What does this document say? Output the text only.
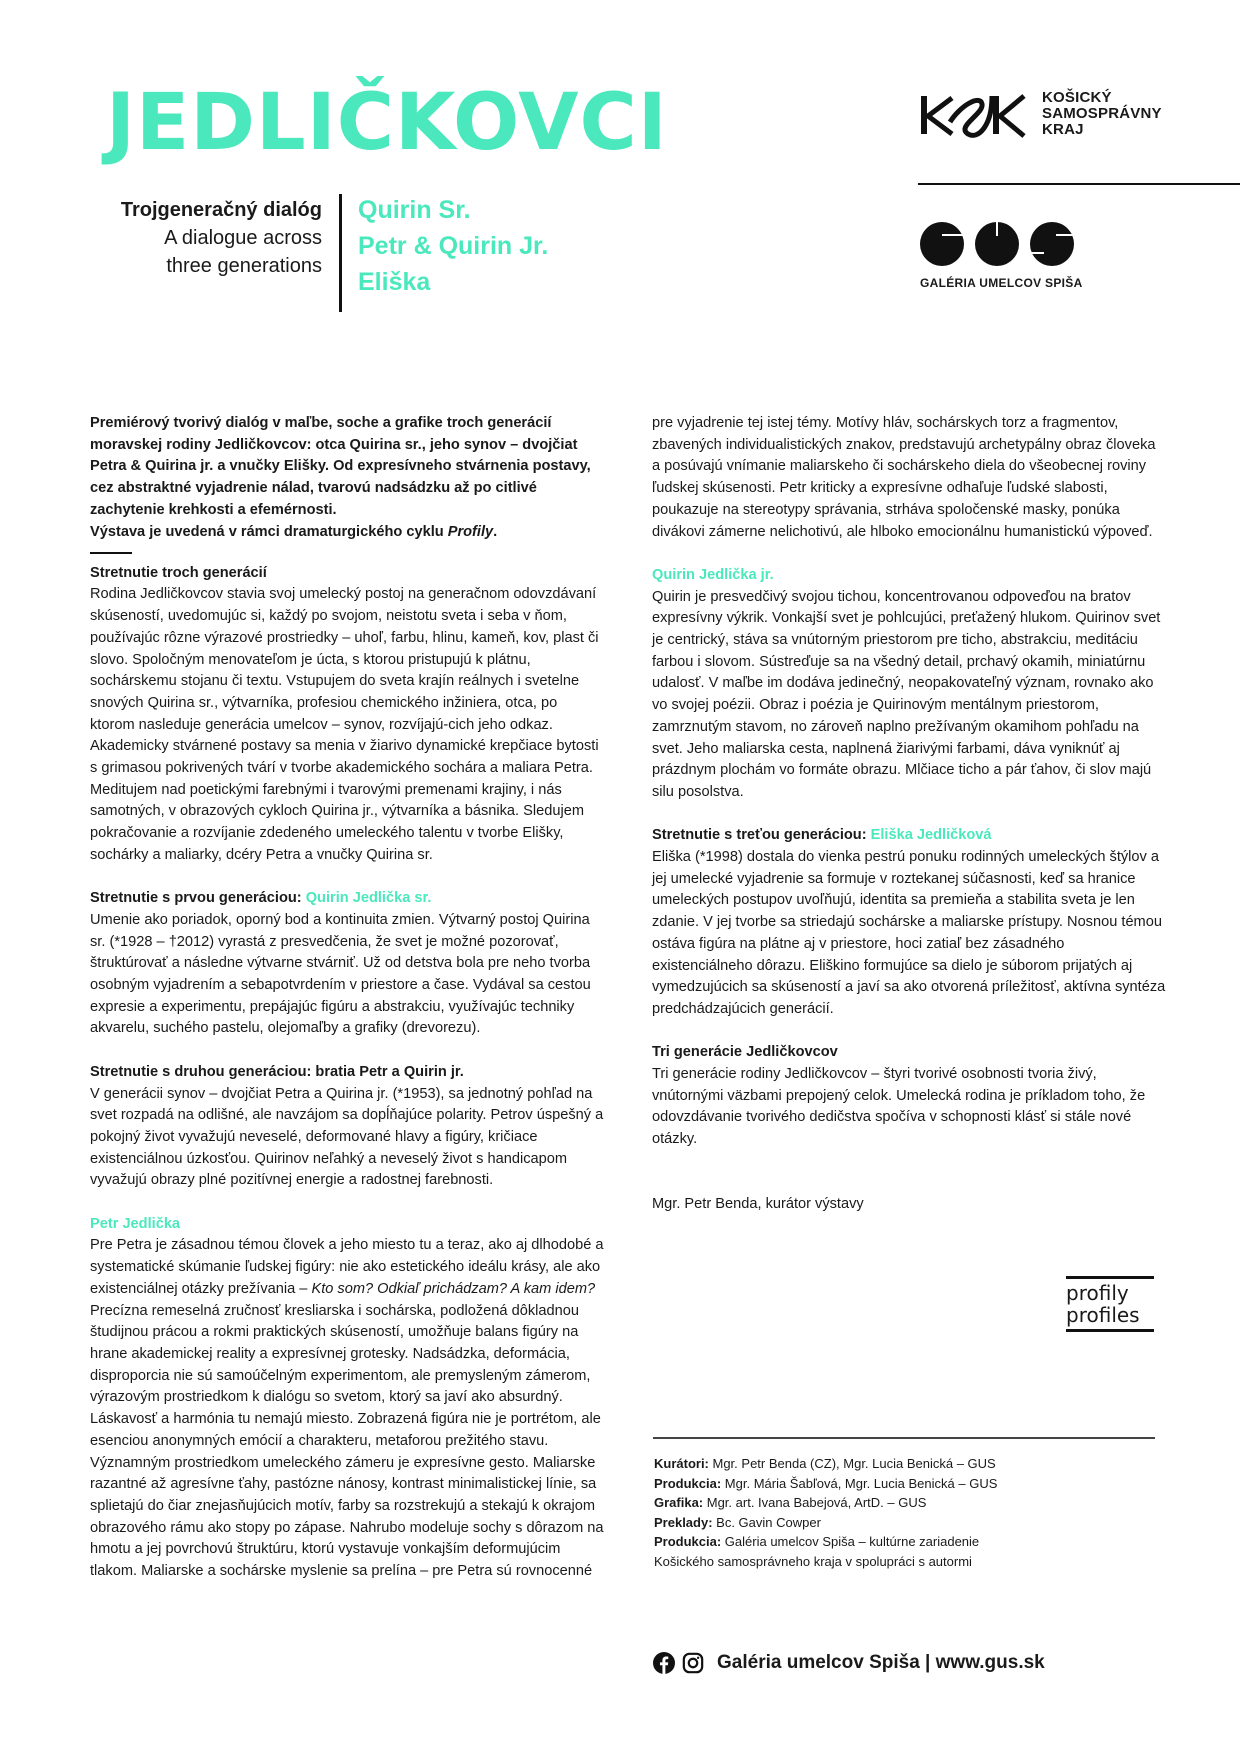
JEDLIČKOVCI
Trojgeneračný dialóg
A dialogue across
three generations
Quirin Sr.
Petr & Quirin Jr.
Eliška
KOŠICKÝ
SAMOSPRÁVNY
KRAJ
GALÉRIA UMELCOV SPIŠA
Premiérový tvorivý dialóg v maľbe, soche a grafike troch generácií moravskej rodiny Jedličkovcov: otca Quirina sr., jeho synov – dvojčiat Petra & Quirina jr. a vnučky Elišky. Od expresívneho stvárnenia postavy, cez abstraktné vyjadrenie nálad, tvarovú nadsádzku až po citlivé zachytenie krehkosti a efemérnosti.
Výstava je uvedená v rámci dramaturgického cyklu Profily.
Stretnutie troch generácií
Rodina Jedličkovcov stavia svoj umelecký postoj na generačnom odovzdávaní skúseností, uvedomujúc si, každý po svojom, neistotu sveta i seba v ňom, používajúc rôzne výrazové prostriedky – uhoľ, farbu, hlinu, kameň, kov, plast či slovo. Spoločným menovateľom je úcta, s ktorou pristupujú k plátnu, sochárskemu stojanu či textu. Vstupujem do sveta krajín reálnych i svetelne snových Quirina sr., výtvarníka, profesiou chemického inžiniera, otca, po ktorom nasleduje generácia umelcov – synov, rozvíjajú-cich jeho odkaz. Akademicky stvárnené postavy sa menia v žiarivo dynamické krepčiace bytosti s grimasou pokrivených tvárí v tvorbe akademického sochára a maliara Petra. Meditujem nad poetickými farebnými i tvarovými premenami krajiny, i nás samotných, v obrazových cykloch Quirina jr., výtvarníka a básnika. Sledujem pokračovanie a rozvíjanie zdedeného umeleckého talentu v tvorbe Elišky, sochárky a maliarky, dcéry Petra a vnučky Quirina sr.
Stretnutie s prvou generáciou: Quirin Jedlička sr.
Umenie ako poriadok, oporný bod a kontinuita zmien. Výtvarný postoj Quirina sr. (*1928 – †2012) vyrastá z presvedčenia, že svet je možné pozorovať, štruktúrovať a následne výtvarne stvárniť. Už od detstva bola pre neho tvorba osobným vyjadrením a sebapotvrdením v priestore a čase. Vydával sa cestou expresie a experimentu, prepájajúc figúru a abstrakciu, využívajúc techniky akvarelu, suchého pastelu, olejomaľby a grafiky (drevorezu).
Stretnutie s druhou generáciou: bratia Petr a Quirin jr.
V generácii synov – dvojčiat Petra a Quirina jr. (*1953), sa jednotný pohľad na svet rozpadá na odlišné, ale navzájom sa dopĺňajúce polarity. Petrov úspešný a pokojný život vyvažujú neveselé, deformované hlavy a figúry, kričiace existenciálnou úzkosťou. Quirinov neľahký a neveselý život s handicapom vyvažujú obrazy plné pozitívnej energie a radostnej farebnosti.
Petr Jedlička
Pre Petra je zásadnou témou človek a jeho miesto tu a teraz, ako aj dlhodobé a systematické skúmanie ľudskej figúry: nie ako estetického ideálu krásy, ale ako existenciálnej otázky prežívania – Kto som? Odkiaľ prichádzam? A kam idem? Precízna remeselná zručnosť kresliarska i sochárska, podložená dôkladnou študijnou prácou a rokmi praktických skúseností, umožňuje balans figúry na hrane akademickej reality a expresívnej grotesky. Nadsádzka, deformácia, disproporcia nie sú samoúčelným experimentom, ale premysleným zámerom, výrazovým prostriedkom k dialógu so svetom, ktorý sa javí ako absurdný. Láskavosť a harmónia tu nemajú miesto. Zobrazená figúra nie je portrétom, ale esenciou anonymných emócií a charakteru, metaforou prežitého stavu. Významným prostriedkom umeleckého zámeru je expresívne gesto. Maliarske razantné až agresívne ťahy, pastózne nánosy, kontrast minimalistickej línie, sa splietajú do čiar znejasňujúcich motív, farby sa rozstrekujú a stekajú k okrajom obrazového rámu ako stopy po zápase. Nahrubo modeluje sochy s dôrazom na hmotu a jej povrchovú štruktúru, ktorú vystavuje vonkajším deformujúcim tlakom. Maliarske a sochárske myslenie sa prelína – pre Petra sú rovnocenné
pre vyjadrenie tej istej témy. Motívy hláv, sochárskych torz a fragmentov, zbavených individualistických znakov, predstavujú archetypálny obraz človeka a posúvajú vnímanie maliarskeho či sochárskeho diela do všeobecnej roviny ľudskej skúsenosti. Petr kriticky a expresívne odhaľuje ľudské slabosti, poukazuje na stereotypy správania, strháva spoločenské masky, ponúka divákovi zámerne nelichotivú, ale hlboko emocionálnu humanistickú výpoveď.
Quirin Jedlička jr.
Quirin je presvedčivý svojou tichou, koncentrovanou odpoveďou na bratov expresívny výkrik. Vonkajší svet je pohlcujúci, preťažený hlukom. Quirinov svet je centrický, stáva sa vnútorným priestorom pre ticho, abstrakciu, meditáciu farbou i slovom. Sústreďuje sa na všedný detail, prchavý okamih, miniatúrnu udalosť. V maľbe im dodáva jedinečný, neopakovateľný význam, rovnako ako vo svojej poézii. Obraz i poézia je Quirinovým mentálnym priestorom, zamrznutým stavom, no zároveň naplno prežívaným okamihom pohľadu na svet. Jeho maliarska cesta, naplnená žiarivými farbami, dáva vyniknúť aj prázdnym plochám vo formáte obrazu. Mlčiace ticho a pár ťahov, či slov majú silu posolstva.
Stretnutie s treťou generáciou: Eliška Jedličková
Eliška (*1998) dostala do vienka pestrú ponuku rodinných umeleckých štýlov a jej umelecké vyjadrenie sa formuje v roztekanej súčasnosti, keď sa hranice umeleckých postupov uvoľňujú, identita sa premieňa a stabilita sveta je len zdanie. V jej tvorbe sa striedajú sochárske a maliarske prístupy. Nosnou témou ostáva figúra na plátne aj v priestore, hoci zatiaľ bez zásadného existenciálneho dôrazu. Eliškino formujúce sa dielo je súborom prijatých aj vymedzujúcich sa skúseností a javí sa ako otvorená príležitosť, aktívna syntéza predchádzajúcich generácií.
Tri generácie Jedličkovcov
Tri generácie rodiny Jedličkovcov – štyri tvorivé osobnosti tvoria živý, vnútornými väzbami prepojený celok. Umelecká rodina je príkladom toho, že odovzdávanie tvorivého dedičstva spočíva v schopnosti klásť si stále nové otázky.
Mgr. Petr Benda, kurátor výstavy
profily
profiles
Kurátori: Mgr. Petr Benda (CZ), Mgr. Lucia Benická – GUS
Produkcia: Mgr. Mária Šabľová, Mgr. Lucia Benická – GUS
Grafika: Mgr. art. Ivana Babejová, ArtD. – GUS
Preklady: Bc. Gavin Cowper
Produkcia: Galéria umelcov Spiša – kultúrne zariadenie
Košického samosprávneho kraja v spolupráci s autormi
Galéria umelcov Spiša | www.gus.sk
